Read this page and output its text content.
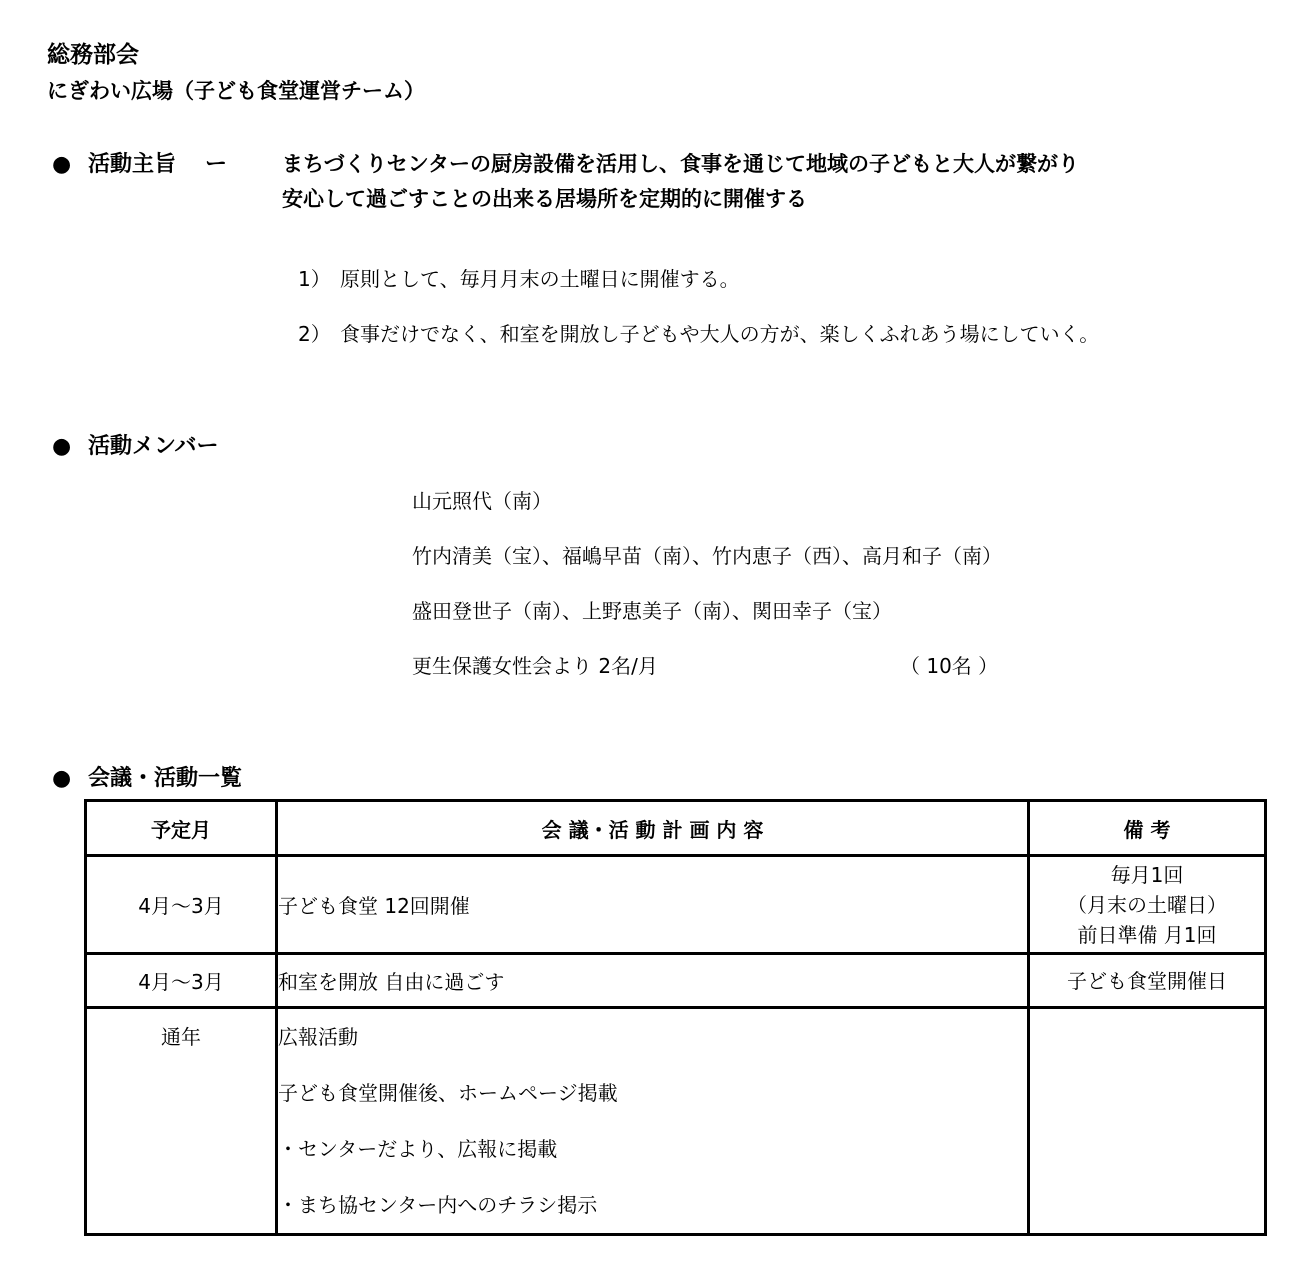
総務部会
にぎわい広場（子ども食堂運営チーム）
● 活動主旨 ー	まちづくりセンターの厨房設備を活用し、食事を通じて地域の子どもと大人が繋がり
安心して過ごすことの出来る居場所を定期的に開催する
1） 原則として、毎月月末の土曜日に開催する。
2） 食事だけでなく、和室を開放し子どもや大人の方が、楽しくふれあう場にしていく。
● 活動メンバー
山元照代（南）
竹内清美（宝）、福嶋早苗（南）、竹内恵子（西）、高月和子（南）
盛田登世子（南）、上野恵美子（南）、関田幸子（宝）
更生保護女性会より 2名/月	（ 10名 ）
● 会議・活動一覧
予定月	会 議・活 動 計 画 内 容	備 考
4月～3月	子ども食堂 12回開催	毎月1回
（月末の土曜日）
前日準備 月1回

4月～3月	和室を開放 自由に過ごす	子ども食堂開催日

通年	広報活動
子ども食堂開催後、ホームページ掲載
・センターだより、広報に掲載
・まち協センター内へのチラシ掲示	
